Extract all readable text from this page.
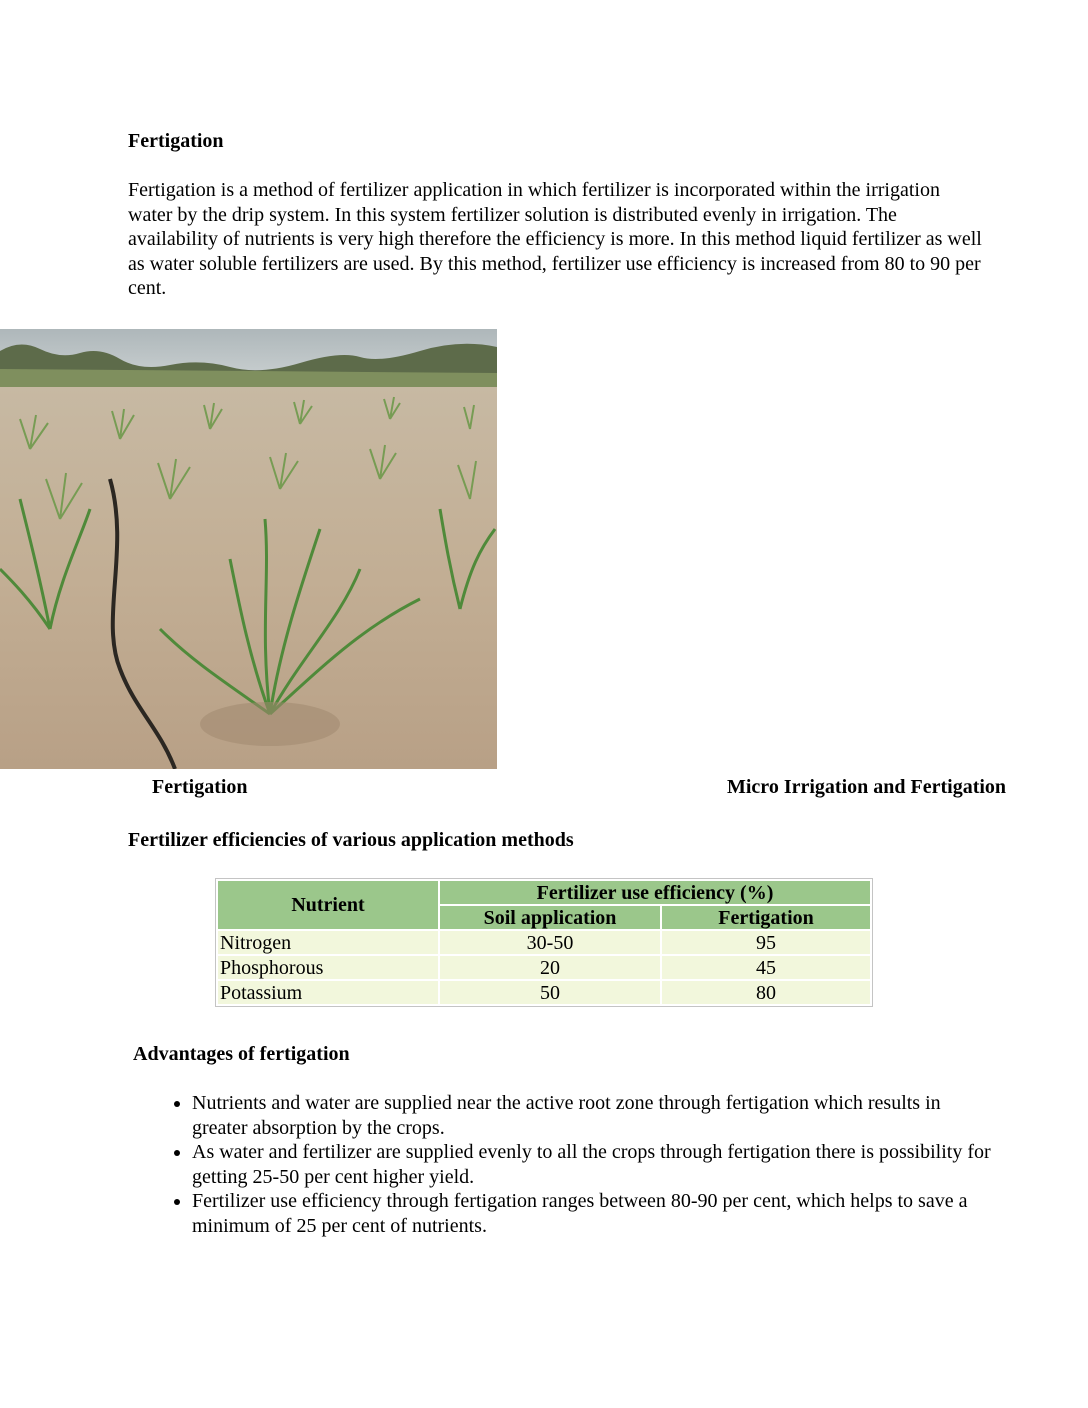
Fertigation

Fertigation is a method of fertilizer application in which fertilizer is incorporated within the irrigation water by the drip system. In this system fertilizer solution is distributed evenly in irrigation. The availability of nutrients is very high therefore the efficiency is more. In this method liquid fertilizer as well as water soluble fertilizers are used. By this method, fertilizer use efficiency is increased from 80 to 90 per cent.

Fertigation	Micro Irrigation and Fertigation
Fertilizer efficiencies of various application methods
Nutrient	Fertilizer use efficiency (%)	
	Soil application	Fertigation
Nitrogen	30-50	95
Phosphorous	20	45
Potassium	50	80
Advantages of fertigation
• Nutrients and water are supplied near the active root zone through fertigation which results in greater absorption by the crops.
• As water and fertilizer are supplied evenly to all the crops through fertigation there is possibility for getting 25-50 per cent higher yield.
• Fertilizer use efficiency through fertigation ranges between 80-90 per cent, which helps to save a minimum of 25 per cent of nutrients.
